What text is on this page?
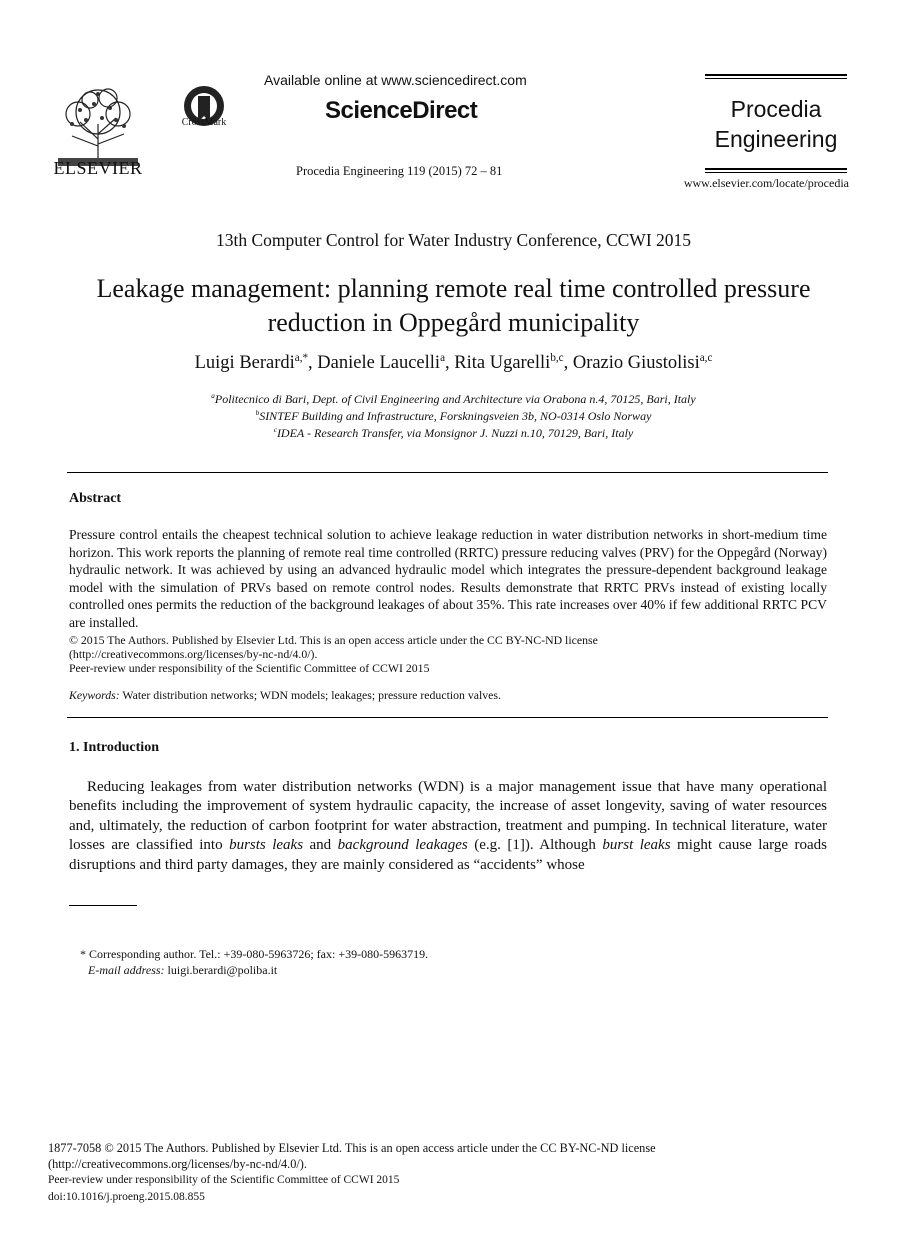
ELSEVIER
CrossMark
Available online at www.sciencedirect.com
ScienceDirect
Procedia Engineering 119 (2015) 72 – 81
Procedia
Engineering
www.elsevier.com/locate/procedia
13th Computer Control for Water Industry Conference, CCWI 2015
Leakage management: planning remote real time controlled pressure
reduction in Oppegård municipality
Luigi Berardi$^{a,*}$, Daniele Laucelli$^a$, Rita Ugarelli$^{b,c}$, Orazio Giustolisi$^{a,c}$
$^a$Politecnico di Bari, Dept. of Civil Engineering and Architecture via Orabona n.4, 70125, Bari, Italy
$^b$SINTEF Building and Infrastructure, Forskningsveien 3b, NO-0314 Oslo Norway
$^c$IDEA - Research Transfer, via Monsignor J. Nuzzi n.10, 70129, Bari, Italy
Abstract
Pressure control entails the cheapest technical solution to achieve leakage reduction in water distribution networks in short-medium time horizon. This work reports the planning of remote real time controlled (RRTC) pressure reducing valves (PRV) for the Oppegård (Norway) hydraulic network. It was achieved by using an advanced hydraulic model which integrates the pressure-dependent background leakage model with the simulation of PRVs based on remote control nodes. Results demonstrate that RRTC PRVs instead of existing locally controlled ones permits the reduction of the background leakages of about 35%. This rate increases over 40% if few additional RRTC PCV are installed.
© 2015 The Authors. Published by Elsevier Ltd. This is an open access article under the CC BY-NC-ND license
(http://creativecommons.org/licenses/by-nc-nd/4.0/).
Peer-review under responsibility of the Scientific Committee of CCWI 2015
Keywords: Water distribution networks; WDN models; leakages; pressure reduction valves.
1. Introduction
Reducing leakages from water distribution networks (WDN) is a major management issue that have many operational benefits including the improvement of system hydraulic capacity, the increase of asset longevity, saving of water resources and, ultimately, the reduction of carbon footprint for water abstraction, treatment and pumping. In technical literature, water losses are classified into bursts leaks and background leakages (e.g. [1]). Although burst leaks might cause large roads disruptions and third party damages, they are mainly considered as “accidents” whose
* Corresponding author. Tel.: +39-080-5963726; fax: +39-080-5963719.
E-mail address: luigi.berardi@poliba.it
1877-7058 © 2015 The Authors. Published by Elsevier Ltd. This is an open access article under the CC BY-NC-ND license
(http://creativecommons.org/licenses/by-nc-nd/4.0/).
Peer-review under responsibility of the Scientific Committee of CCWI 2015
doi:10.1016/j.proeng.2015.08.855
